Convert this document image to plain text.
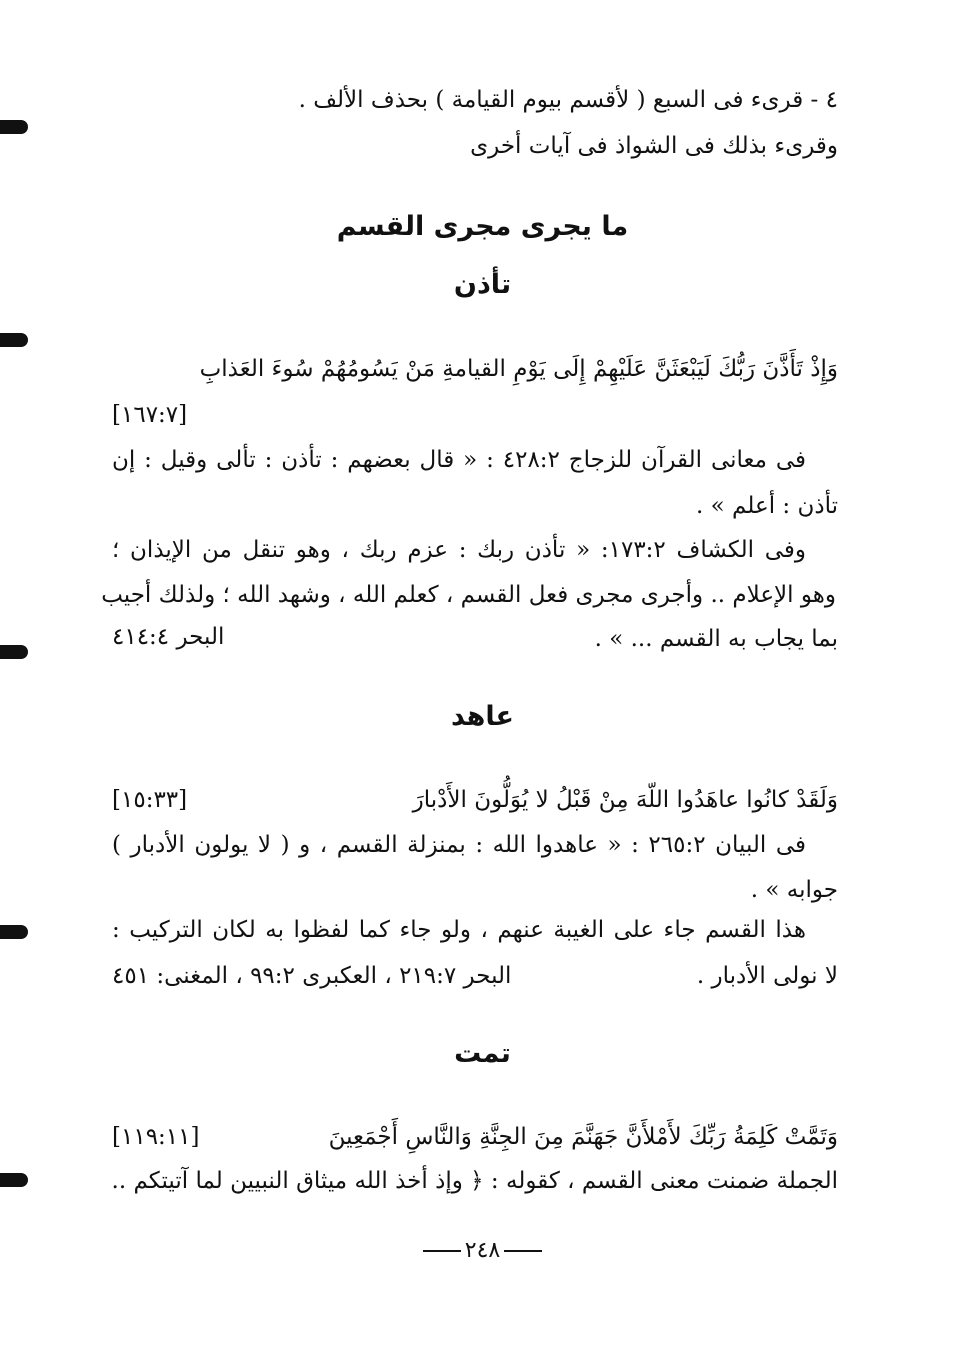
٤ - قرىء فى السبع ( لأقسم بيوم القيامة ) بحذف الألف .
وقرىء بذلك فى الشواذ فى آيات أخرى
ما يجرى مجرى القسم
تأذن
وَإِذْ تَأَذَّنَ رَبُّكَ لَيَبْعَثَنَّ عَلَيْهِمْ إِلَى يَوْمِ القيامةِ مَنْ يَسُومُهُمْ سُوءَ العَذابِ
[١٦٧:٧]
فى معانى القرآن للزجاج ٤٢٨:٢ : « قال بعضهم : تأذن : تألى وقيل : إن
تأذن : أعلم » .
وفى الكشاف ١٧٣:٢: « تأذن ربك : عزم ربك ، وهو تنقل من الإيذان ؛
وهو الإعلام .. وأجرى مجرى فعل القسم ، كعلم الله ، وشهد الله ؛ ولذلك أجيب
بما يجاب به القسم ... » .
البحر ٤١٤:٤
عاهد
وَلَقَدْ كانُوا عاهَدُوا اللّهَ مِنْ قَبْلُ لا يُوَلُّونَ الأَدْبارَ
[١٥:٣٣]
فى البيان ٢٦٥:٢ : « عاهدوا الله : بمنزلة القسم ، و ( لا يولون الأدبار )
جوابه » .
هذا القسم جاء على الغيبة عنهم ، ولو جاء كما لفظوا به لكان التركيب :
لا نولى الأدبار .
البحر ٢١٩:٧ ، العكبرى ٩٩:٢ ، المغنى: ٤٥١
تمت
وَتَمَّتْ كَلِمَةُ رَبِّكَ لأَمْلأَنَّ جَهَنَّمَ مِنَ الجِنَّةِ وَالنَّاسِ أَجْمَعِينَ
[١١٩:١١]
الجملة ضمنت معنى القسم ، كقوله : ﴿ وإذ أخذ الله ميثاق النبيين لما آتيتكم ..
٢٤٨
